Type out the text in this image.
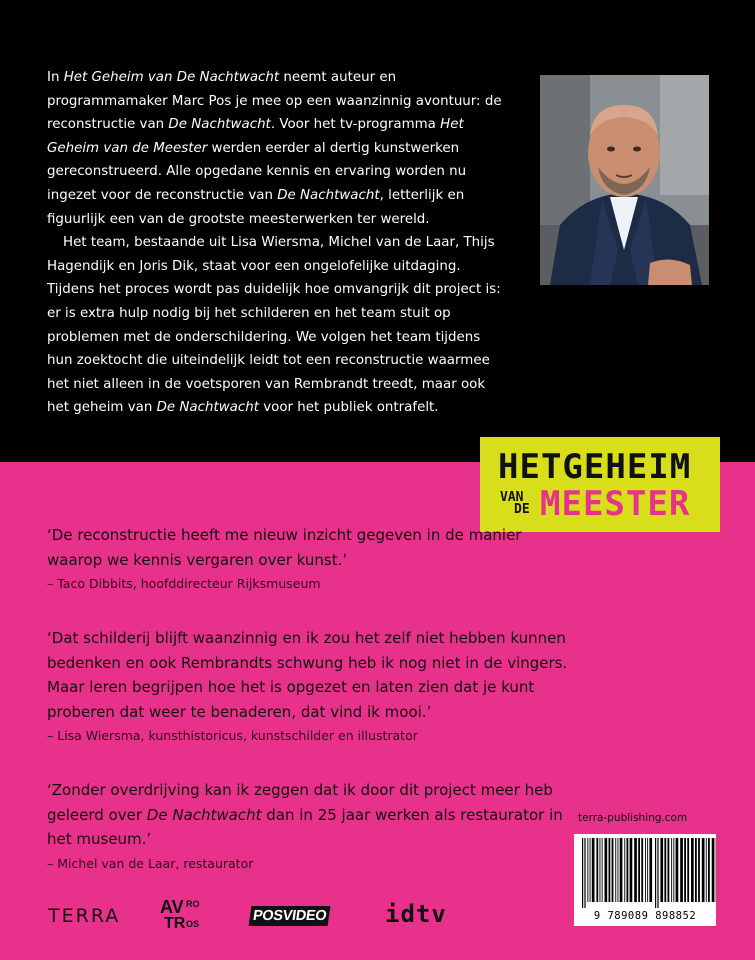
In Het Geheim van De Nachtwacht neemt auteur en programmamaker Marc Pos je mee op een waanzinnig avontuur: de reconstructie van De Nachtwacht. Voor het tv-programma Het Geheim van de Meester werden eerder al dertig kunstwerken gereconstrueerd. Alle opgedane kennis en ervaring worden nu ingezet voor de reconstructie van De Nachtwacht, letterlijk en figuurlijk een van de grootste meesterwerken ter wereld.

Het team, bestaande uit Lisa Wiersma, Michel van de Laar, Thijs Hagendijk en Joris Dik, staat voor een ongelofelijke uitdaging. Tijdens het proces wordt pas duidelijk hoe omvangrijk dit project is: er is extra hulp nodig bij het schilderen en het team stuit op problemen met de onderschildering. We volgen het team tijdens hun zoektocht die uiteindelijk leidt tot een reconstructie waarmee het niet alleen in de voetsporen van Rembrandt treedt, maar ook het geheim van De Nachtwacht voor het publiek ontrafelt.

HETGEHEIM
VAN
DE MEESTER

‘De reconstructie heeft me nieuw inzicht gegeven in de manier waarop we kennis vergaren over kunst.’

– Taco Dibbits, hoofddirecteur Rijksmuseum

‘Dat schilderij blijft waanzinnig en ik zou het zelf niet hebben kunnen bedenken en ook Rembrandts schwung heb ik nog niet in de vingers. Maar leren begrijpen hoe het is opgezet en laten zien dat je kunt proberen dat weer te benaderen, dat vind ik mooi.’

– Lisa Wiersma, kunsthistoricus, kunstschilder en illustrator

‘Zonder overdrijving kan ik zeggen dat ik door dit project meer heb geleerd over De Nachtwacht dan in 25 jaar werken als restaurator in het museum.’

– Michel van de Laar, restaurator

terra-publishing.com
9 789089 898852
TERRA AV RO
TR OS	POSVIDEO idtv
